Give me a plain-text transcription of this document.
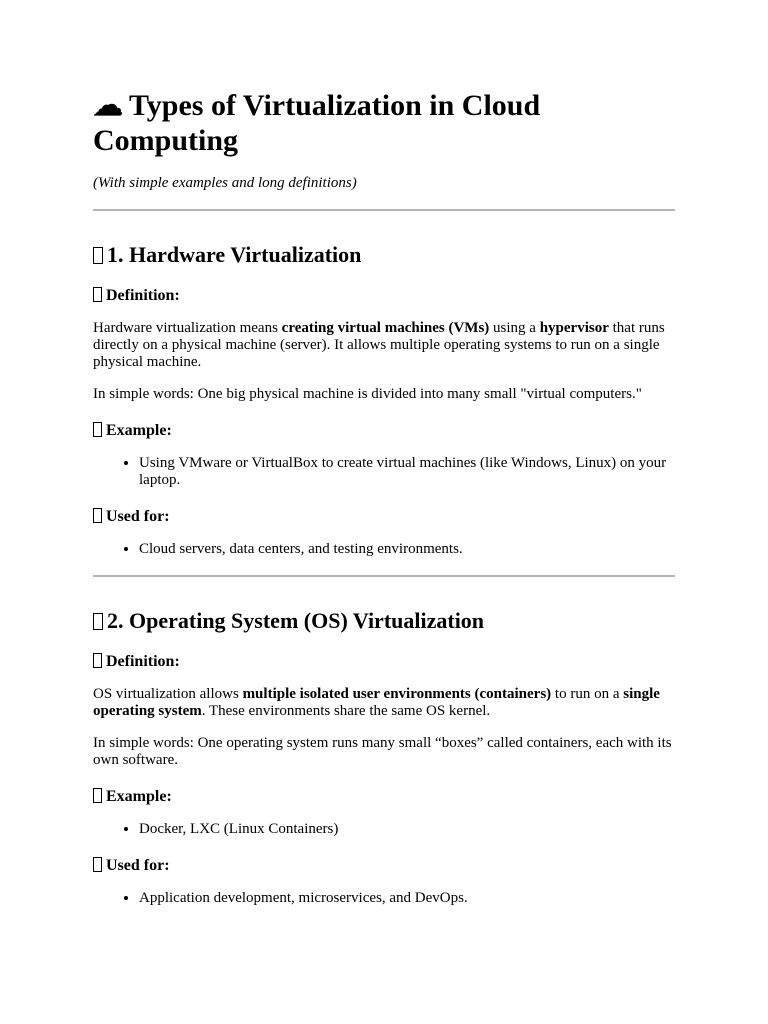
☁ Types of Virtualization in Cloud Computing
(With simple examples and long definitions)
1. Hardware Virtualization
Definition:

Hardware virtualization means creating virtual machines (VMs) using a hypervisor that runs directly on a physical machine (server). It allows multiple operating systems to run on a single physical machine.

In simple words: One big physical machine is divided into many small "virtual computers."

Example:
• Using VMware or VirtualBox to create virtual machines (like Windows, Linux) on your laptop.
Used for:
• Cloud servers, data centers, and testing environments.
2. Operating System (OS) Virtualization
Definition:

OS virtualization allows multiple isolated user environments (containers) to run on a single operating system. These environments share the same OS kernel.

In simple words: One operating system runs many small “boxes” called containers, each with its own software.

Example:
• Docker, LXC (Linux Containers)
Used for:
• Application development, microservices, and DevOps.
